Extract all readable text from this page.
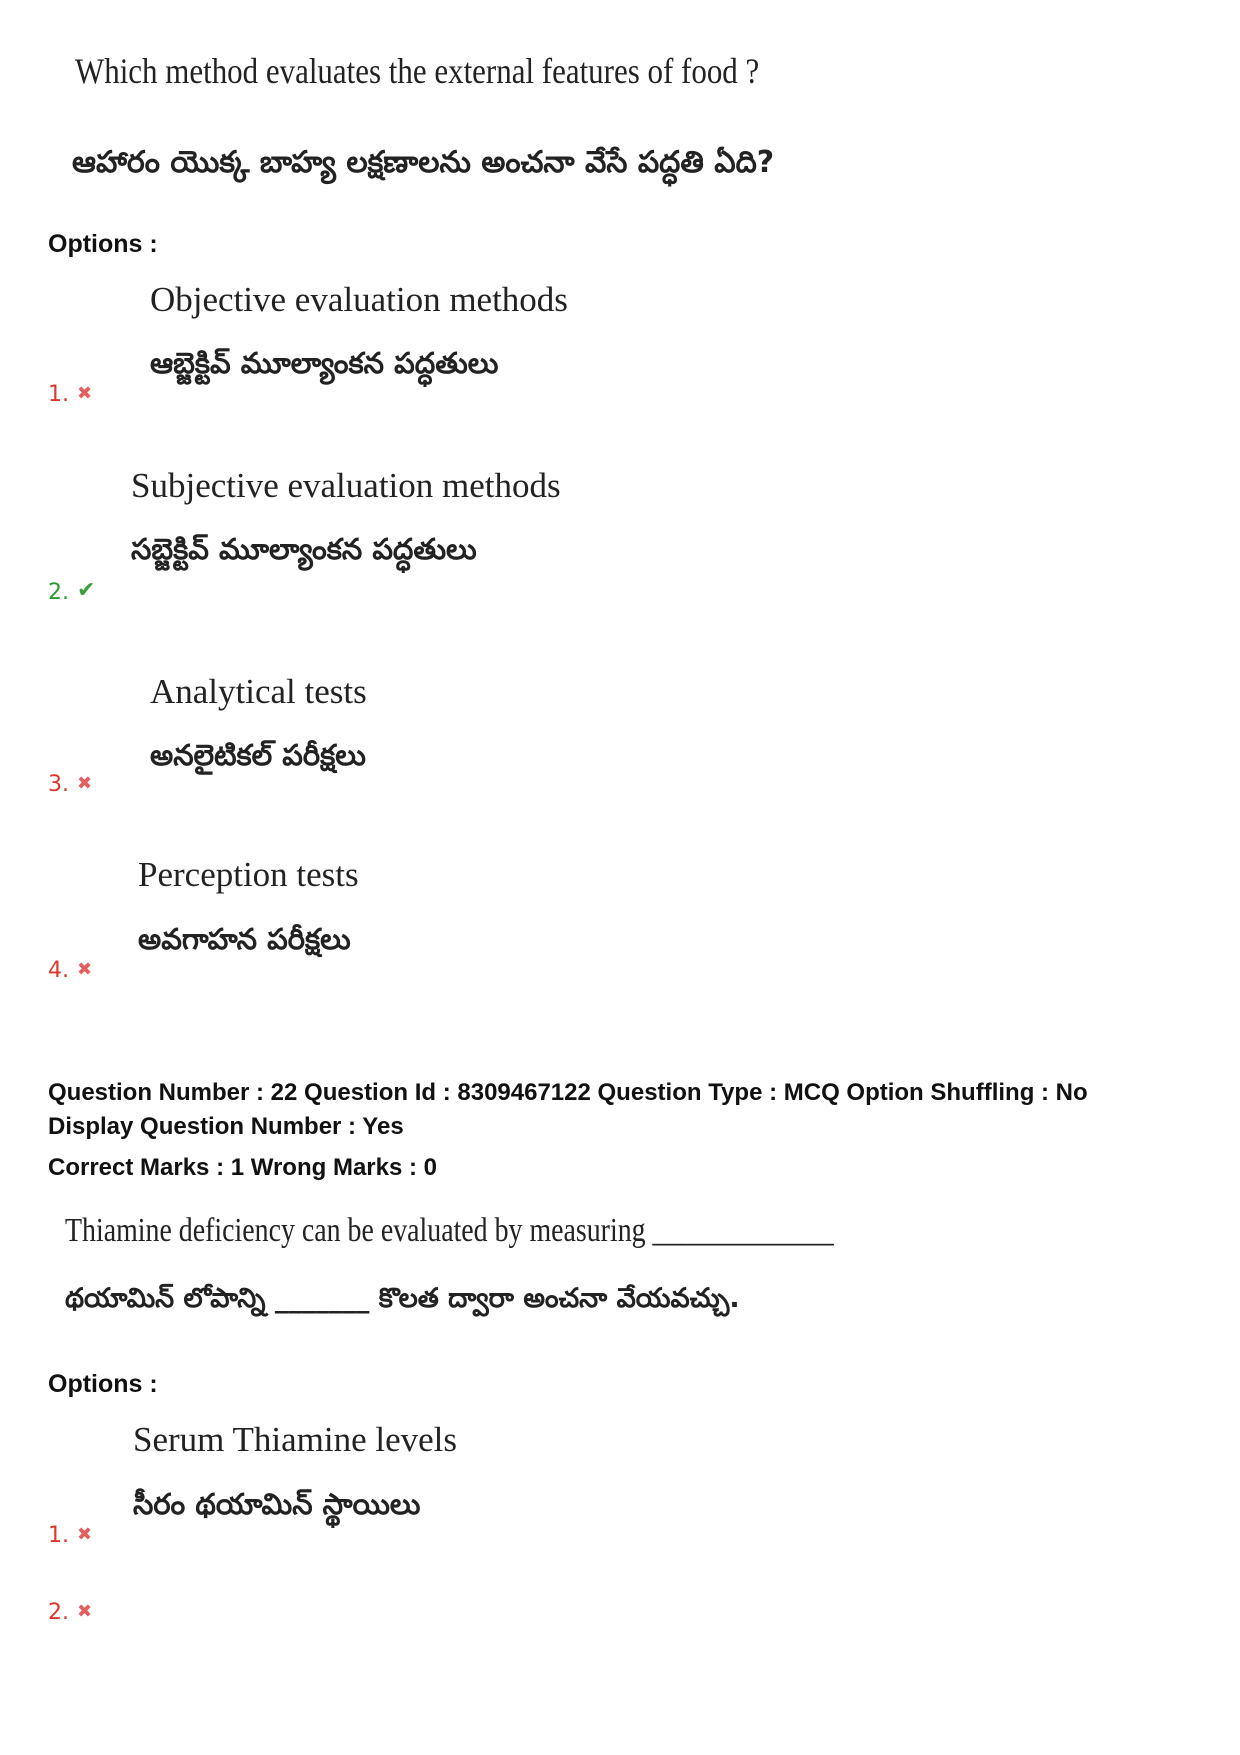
Which method evaluates the external features of food ?
ఆహారం యొక్క బాహ్య లక్షణాలను అంచనా వేసే పద్ధతి ఏది?
Options :
Objective evaluation methods
ఆబ్జెక్టివ్ మూల్యాంకన పద్ధతులు
1. ✖
Subjective evaluation methods
సబ్జెక్టివ్ మూల్యాంకన పద్ధతులు
2. ✔
Analytical tests
అనలైటికల్ పరీక్షలు
3. ✖
Perception tests
అవగాహన పరీక్షలు
4. ✖
Question Number : 22 Question Id : 8309467122 Question Type : MCQ Option Shuffling : No
Display Question Number : Yes
Correct Marks : 1 Wrong Marks : 0
Thiamine deficiency can be evaluated by measuring _____________
థయామిన్ లోపాన్ని _______ కొలత ద్వారా అంచనా వేయవచ్చు.
Options :
Serum Thiamine levels
సీరం థయామిన్ స్థాయిలు
1. ✖
2. ✖
